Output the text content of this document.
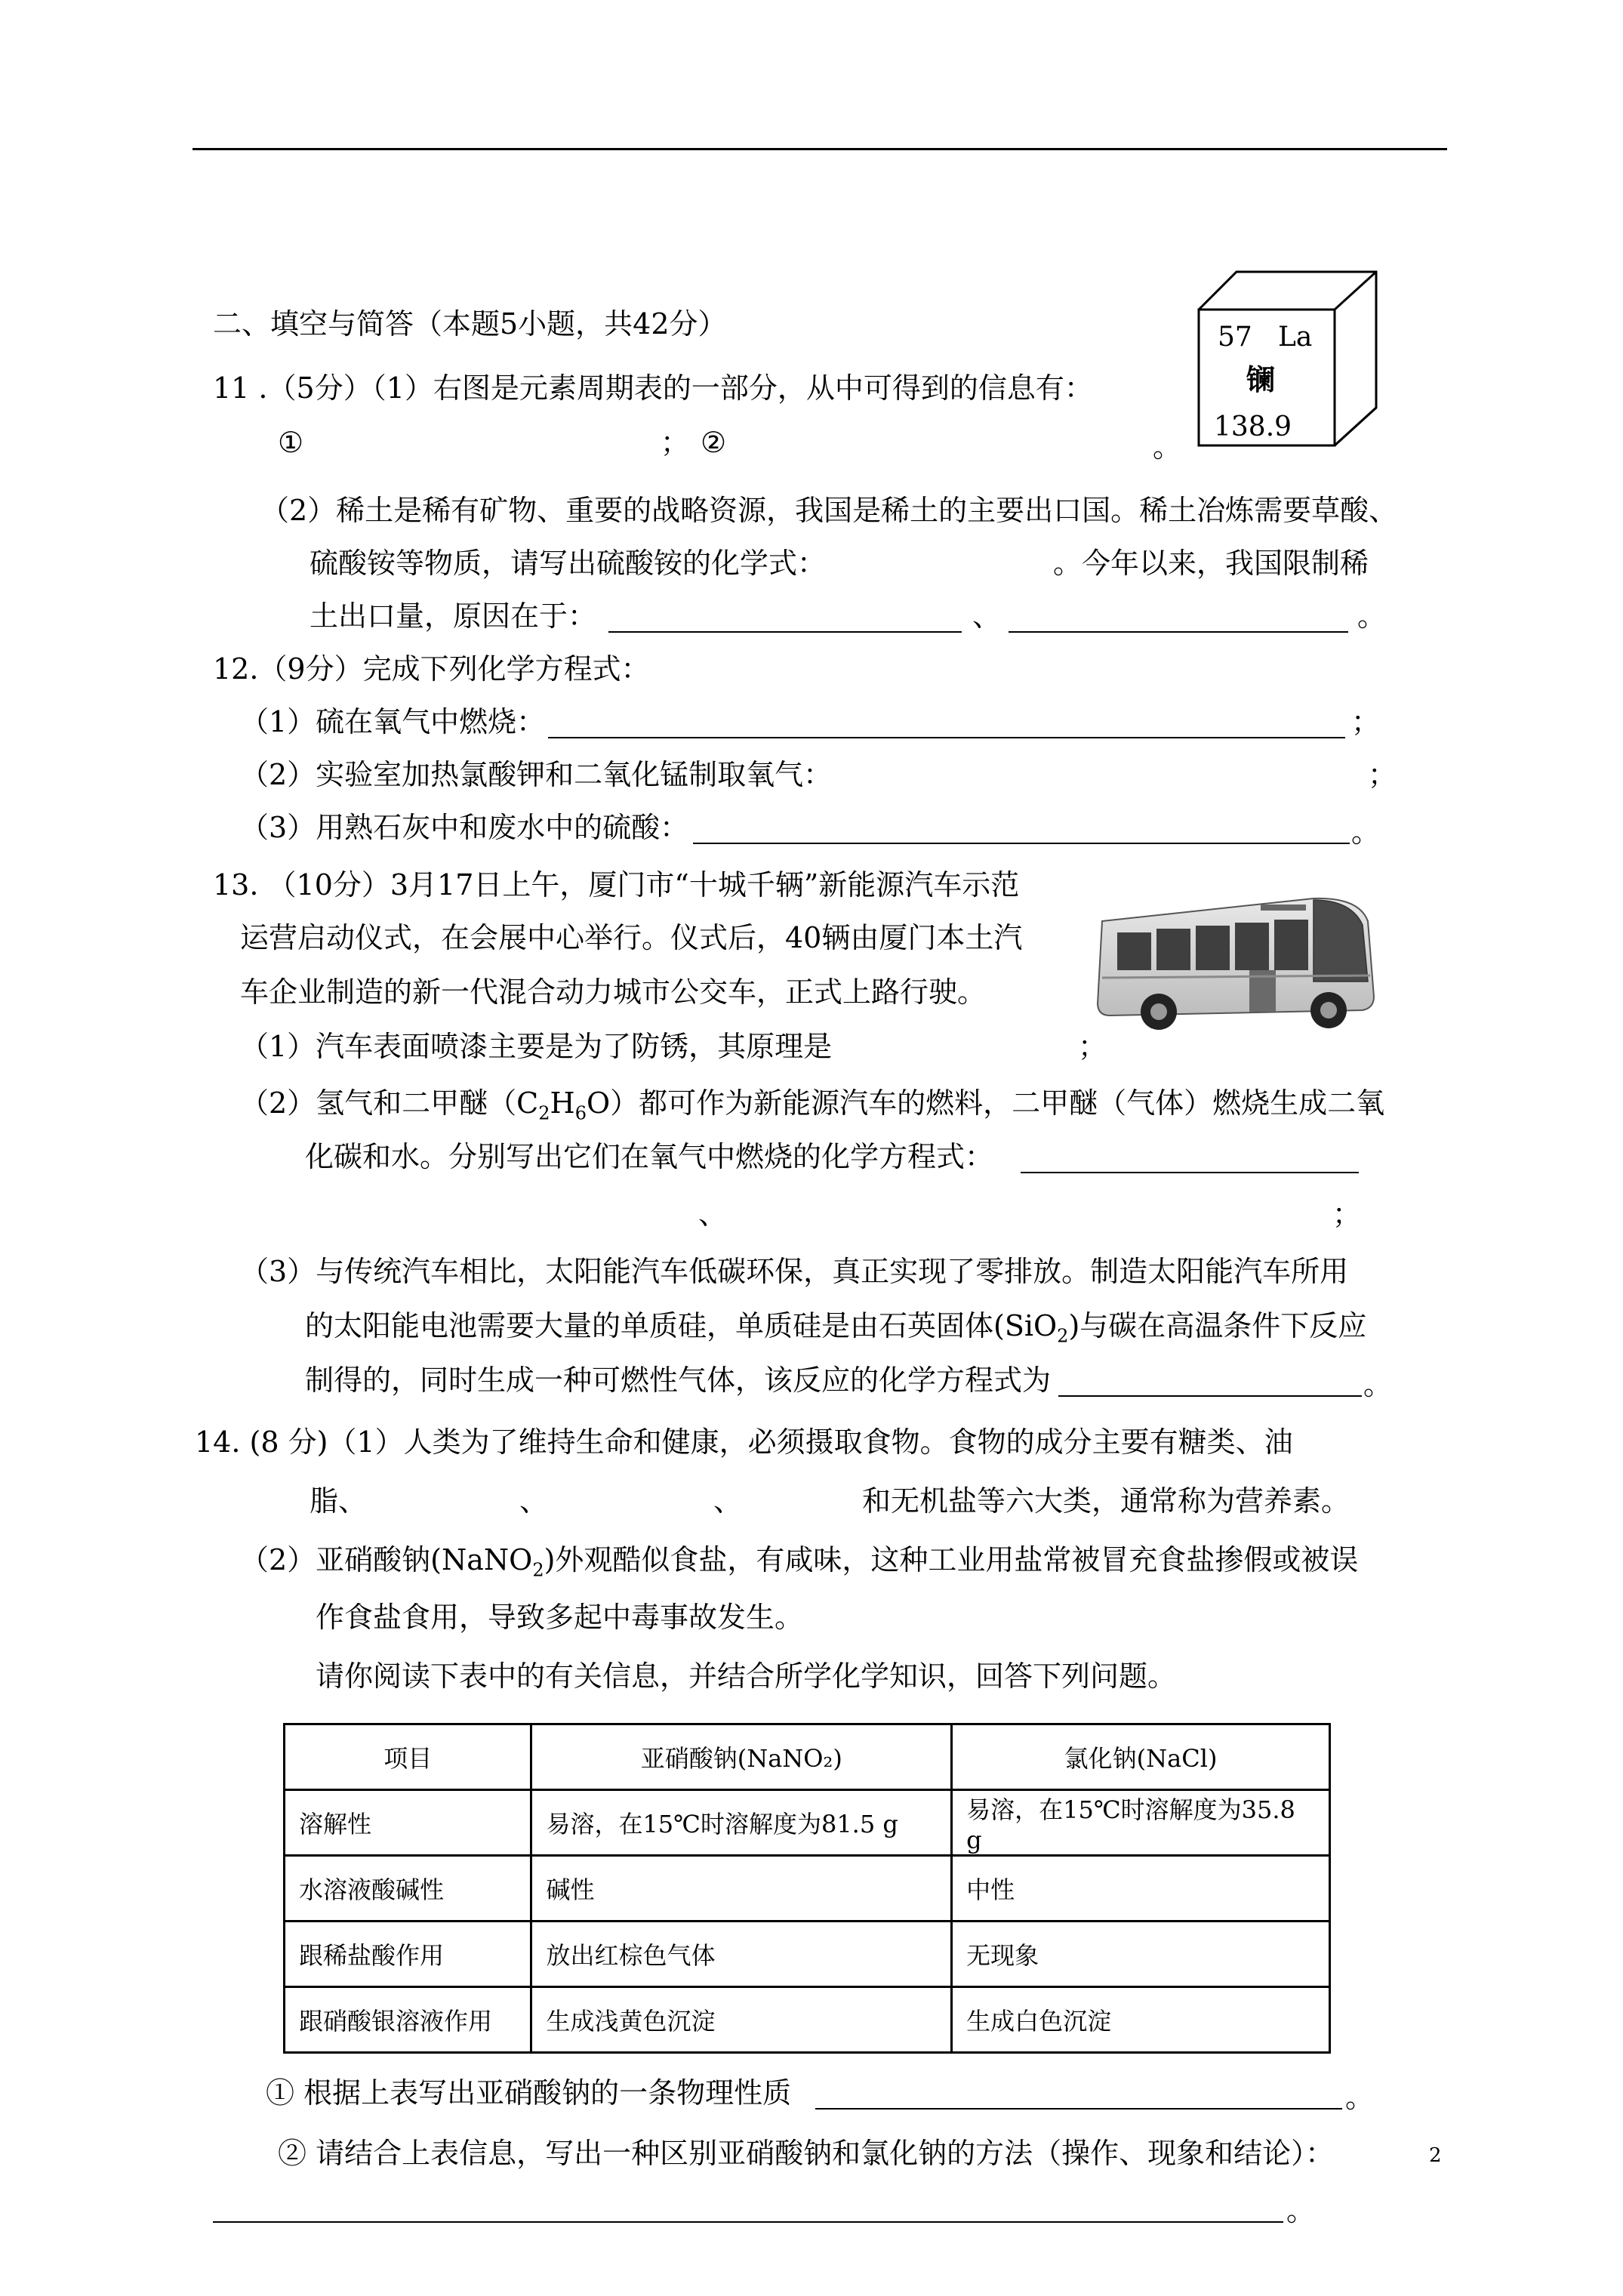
二、填空与简答（本题5小题，共42分）	57 La
镧
138.9
11 .（5分）（1）右图是元素周期表的一部分，从中可得到的信息有：
①	； ②	。
（2）稀土是稀有矿物、重要的战略资源，我国是稀土的主要出口国。稀土冶炼需要草酸、
硫酸铵等物质，请写出硫酸铵的化学式：	。今年以来，我国限制稀
土出口量，原因在于：	、	。
12.（9分）完成下列化学方程式：
（1）硫在氧气中燃烧：	；
（2）实验室加热氯酸钾和二氧化锰制取氧气：	；
（3）用熟石灰中和废水中的硫酸：	。
13. （10分）3月17日上午，厦门市“十城千辆”新能源汽车示范
运营启动仪式，在会展中心举行。仪式后，40辆由厦门本土汽
车企业制造的新一代混合动力城市公交车，正式上路行驶。
（1）汽车表面喷漆主要是为了防锈，其原理是	；
（2）氢气和二甲醚$(C_2H_6O)$都可作为新能源汽车的燃料，二甲醚（气体）燃烧生成二氧
化碳和水。分别写出它们在氧气中燃烧的化学方程式：
、	；
（3）与传统汽车相比，太阳能汽车低碳环保，真正实现了零排放。制造太阳能汽车所用
的太阳能电池需要大量的单质硅，单质硅是由石英固体(SiO$_2$)与碳在高温条件下反应
制得的，同时生成一种可燃性气体，该反应的化学方程式为	。
14. (8 分)（1）人类为了维持生命和健康，必须摄取食物。食物的成分主要有糖类、油
脂、	、	、	和无机盐等六大类，通常称为营养素。
（2）亚硝酸钠(NaNO$_2$)外观酷似食盐，有咸味，这种工业用盐常被冒充食盐掺假或被误
作食盐食用，导致多起中毒事故发生。
请你阅读下表中的有关信息，并结合所学化学知识，回答下列问题。
项目	亚硝酸钠(NaNO₂)	氯化钠(NaCl)
溶解性	易溶，在15℃时溶解度为81.5 g	易溶，在15℃时溶解度为35.8 g
水溶液酸碱性	碱性	中性
跟稀盐酸作用	放出红棕色气体	无现象
跟硝酸银溶液作用	生成浅黄色沉淀	生成白色沉淀
① 根据上表写出亚硝酸钠的一条物理性质	。
② 请结合上表信息，写出一种区别亚硝酸钠和氯化钠的方法（操作、现象和结论）：	2
。
